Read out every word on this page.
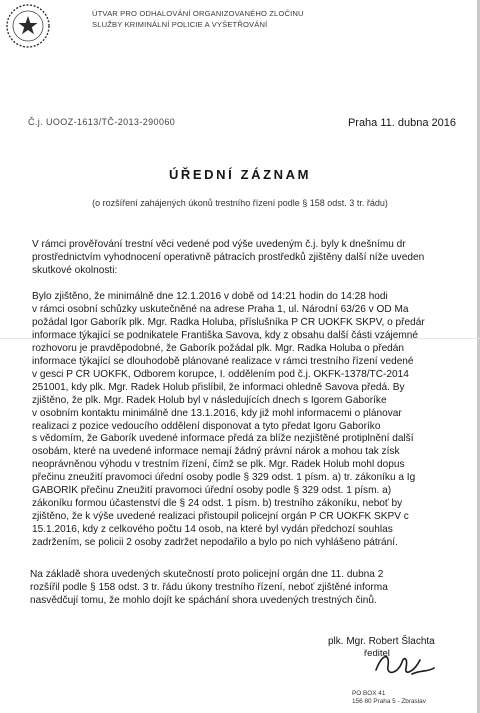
ÚTVAR PRO ODHALOVÁNÍ ORGANIZOVANÉHO ZLOČINU
SLUŽBY KRIMINÁLNÍ POLICIE A VYŠETŘOVÁNÍ
Č.j. UOOZ-1613/TČ-2013-290060	Praha 11. dubna 2016
ÚŘEDNÍ ZÁZNAM
(o rozšíření zahájených úkonů trestního řízení podle § 158 odst. 3 tr. řádu)
V rámci prověřování trestní věci vedené pod výše uvedeným č.j. byly k dnešnímu dr
prostřednictvím vyhodnocení operativně pátracích prostředků zjištěny další níže uveden
skutkové okolnosti:
Bylo zjištěno, že minimálně dne 12.1.2016 v době od 14:21 hodin do 14:28 hodi
v rámci osobní schůzky uskutečněné na adrese Praha 1, ul. Národní 63/26 v OD Ma
požádal Igor Gaborík plk. Mgr. Radka Holuba, příslušníka P ČR ÚOKFK SKPV, o předár
informace týkající se podnikatele Františka Savova, kdy z obsahu další části vzájemné
rozhovoru je pravděpodobné, že Gaborík požádal plk. Mgr. Radka Holuba o předán
informace týkající se dlouhodobě plánované realizace v rámci trestního řízení vedené
v gesci P ČR ÚOKFK, Odborem korupce, I. oddělením pod č.j. OKFK-1378/TČ-2014
251001, kdy plk. Mgr. Radek Holub přislíbil, že informaci ohledně Savova předá. By
zjištěno, že plk. Mgr. Radek Holub byl v následujících dnech s Igorem Gaboríke
v osobním kontaktu minimálně dne 13.1.2016, kdy již mohl informacemi o plánovar
realizaci z pozice vedoucího oddělení disponovat a tyto předat Igoru Gaboríko
s vědomím, že Gaborík uvedené informace předá za blíže nezjištěné protiplnění další
osobám, které na uvedené informace nemají žádný právní nárok a mohou tak získ
neoprávněnou výhodu v trestním řízení, čímž se plk. Mgr. Radek Holub mohl dopus
přečinu zneužití pravomoci úřední osoby podle § 329 odst. 1 písm. a) tr. zákoníku a Ig
GABORÍK přečinu Zneužití pravomoci úřední osoby podle § 329 odst. 1 písm. a)
zákoníku formou účastenství dle § 24 odst. 1 písm. b) trestního zákoníku, neboť by
zjištěno, že k výše uvedené realizaci přistoupil policejní orgán P ČR ÚOKFK SKPV c
15.1.2016, kdy z celkového počtu 14 osob, na které byl vydán předchozí souhlas
zadržením, se policii 2 osoby zadržet nepodařilo a bylo po nich vyhlášeno pátrání.
Na základě shora uvedených skutečností proto policejní orgán dne 11. dubna 2
rozšířil podle § 158 odst. 3 tr. řádu úkony trestního řízení, neboť zjištěné informa
nasvědčují tomu, že mohlo dojít ke spáchání shora uvedených trestných činů.
plk. Mgr. Robert Šlachta
ředitel
PO BOX 41
156 80 Praha 5 - Zbraslav
